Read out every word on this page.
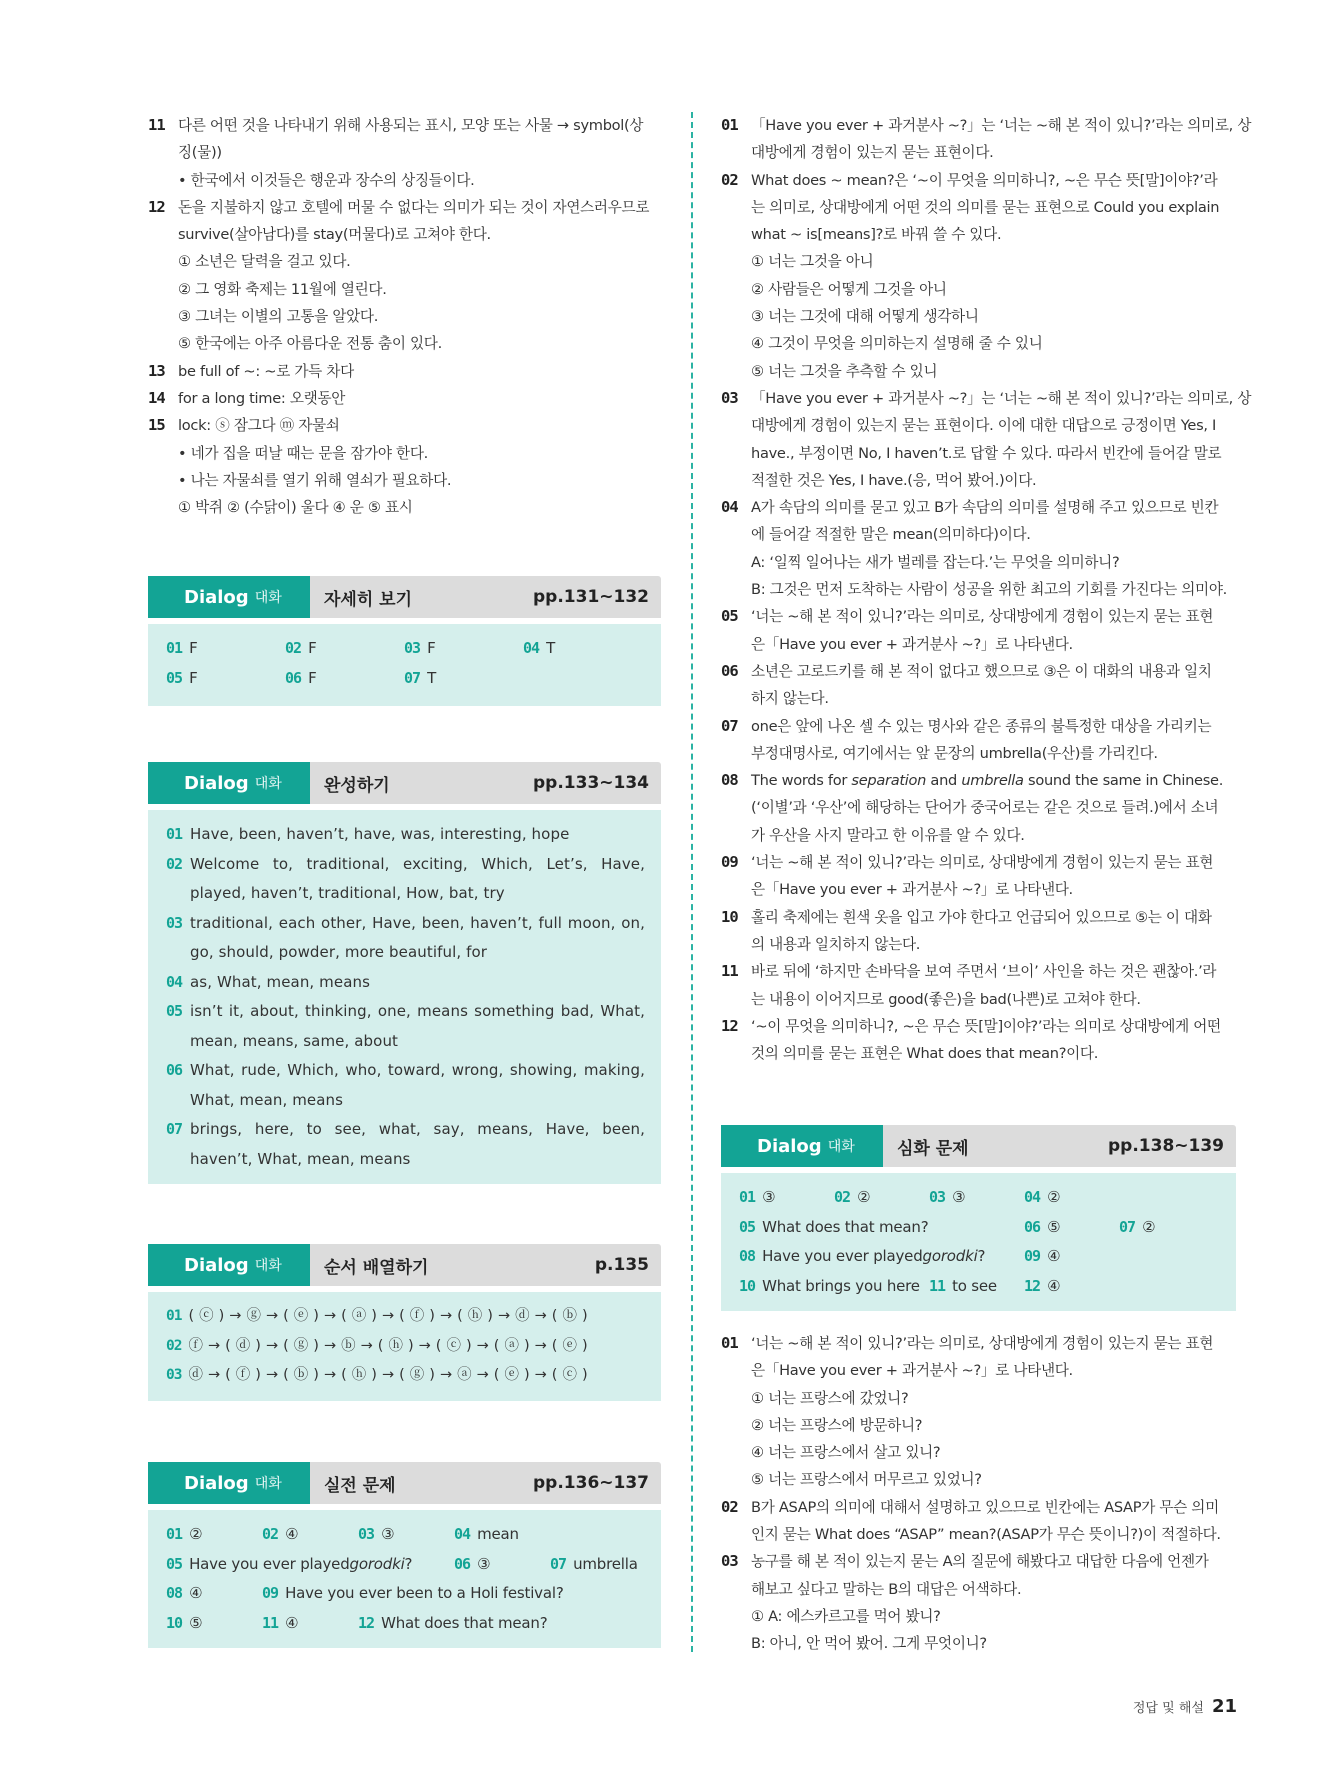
11 다른 어떤 것을 나타내기 위해 사용되는 표시, 모양 또는 사물 → symbol(상
징(물))
• 한국에서 이것들은 행운과 장수의 상징들이다.
12 돈을 지불하지 않고 호텔에 머물 수 없다는 의미가 되는 것이 자연스러우므로
survive(살아남다)를 stay(머물다)로 고쳐야 한다.
① 소년은 달력을 걸고 있다.
② 그 영화 축제는 11월에 열린다.
③ 그녀는 이별의 고통을 알았다.
⑤ 한국에는 아주 아름다운 전통 춤이 있다.
13 be full of ~: ~로 가득 차다
14 for a long time: 오랫동안
15 lock: ⓢ 잠그다 ⓜ 자물쇠
• 네가 집을 떠날 때는 문을 잠가야 한다.
• 나는 자물쇠를 열기 위해 열쇠가 필요하다.
① 박쥐 ② (수닭이) 울다 ④ 운 ⑤ 표시
Dialog 대화	자세히 보기	pp.131~132
01 F	02 F	03 F	04 T
05 F	06 F	07 T
Dialog 대화	완성하기	pp.133~134
01 Have, been, haven’t, have, was, interesting, hope
02 Welcome to, traditional, exciting, Which, Let’s, Have, played, haven’t, traditional, How, bat, try
03 traditional, each other, Have, been, haven’t, full moon, on, go, should, powder, more beautiful, for
04 as, What, mean, means
05 isn’t it, about, thinking, one, means something bad, What, mean, means, same, about
06 What, rude, Which, who, toward, wrong, showing, making, What, mean, means
07 brings, here, to see, what, say, means, Have, been, haven’t, What, mean, means
Dialog 대화	순서 배열하기	p.135
01 ( ⓒ ) → ⓖ → ( ⓔ ) → ( ⓐ ) → ( ⓕ ) → ( ⓗ ) → ⓓ → ( ⓑ )
02 ⓕ → ( ⓓ ) → ( ⓖ ) → ⓑ → ( ⓗ ) → ( ⓒ ) → ( ⓐ ) → ( ⓔ )
03 ⓓ → ( ⓕ ) → ( ⓑ ) → ( ⓗ ) → ( ⓖ ) → ⓐ → ( ⓔ ) → ( ⓒ )
Dialog 대화	실전 문제	pp.136~137
01 ②	02 ④	03 ③	04 mean
05 Have you ever played gorodki ?	06 ③	07 umbrella
08 ④	09 Have you ever been to a Holi festival?
10 ⑤	11 ④	12 What does that mean?
01 「Have you ever + 과거분사 ~?」는 ‘너는 ~해 본 적이 있니?’라는 의미로, 상
대방에게 경험이 있는지 묻는 표현이다.
02 What does ~ mean?은 ‘~이 무엇을 의미하니?, ~은 무슨 뜻[말]이야?’라
는 의미로, 상대방에게 어떤 것의 의미를 묻는 표현으로 Could you explain
what ~ is[means]?로 바꿔 쓸 수 있다.
① 너는 그것을 아니
② 사람들은 어떻게 그것을 아니
③ 너는 그것에 대해 어떻게 생각하니
④ 그것이 무엇을 의미하는지 설명해 줄 수 있니
⑤ 너는 그것을 추측할 수 있니
03 「Have you ever + 과거분사 ~?」는 ‘너는 ~해 본 적이 있니?’라는 의미로, 상
대방에게 경험이 있는지 묻는 표현이다. 이에 대한 대답으로 긍정이면 Yes, I
have., 부정이면 No, I haven’t.로 답할 수 있다. 따라서 빈칸에 들어갈 말로
적절한 것은 Yes, I have.(응, 먹어 봤어.)이다.
04 A가 속담의 의미를 묻고 있고 B가 속담의 의미를 설명해 주고 있으므로 빈칸
에 들어갈 적절한 말은 mean(의미하다)이다.
A: ‘일찍 일어나는 새가 벌레를 잡는다.’는 무엇을 의미하니?
B: 그것은 먼저 도착하는 사람이 성공을 위한 최고의 기회를 가진다는 의미야.
05 ‘너는 ~해 본 적이 있니?’라는 의미로, 상대방에게 경험이 있는지 묻는 표현
은「Have you ever + 과거분사 ~?」로 나타낸다.
06 소년은 고로드키를 해 본 적이 없다고 했으므로 ③은 이 대화의 내용과 일치
하지 않는다.
07 one은 앞에 나온 셀 수 있는 명사와 같은 종류의 불특정한 대상을 가리키는
부정대명사로, 여기에서는 앞 문장의 umbrella(우산)를 가리킨다.
08 The words for separation and umbrella sound the same in Chinese.
(‘이별’과 ‘우산’에 해당하는 단어가 중국어로는 같은 것으로 들려.)에서 소녀
가 우산을 사지 말라고 한 이유를 알 수 있다.
09 ‘너는 ~해 본 적이 있니?’라는 의미로, 상대방에게 경험이 있는지 묻는 표현
은「Have you ever + 과거분사 ~?」로 나타낸다.
10 홀리 축제에는 흰색 옷을 입고 가야 한다고 언급되어 있으므로 ⑤는 이 대화
의 내용과 일치하지 않는다.
11 바로 뒤에 ‘하지만 손바닥을 보여 주면서 ‘브이’ 사인을 하는 것은 괜찮아.’라
는 내용이 이어지므로 good(좋은)을 bad(나쁜)로 고쳐야 한다.
12 ‘~이 무엇을 의미하니?, ~은 무슨 뜻[말]이야?’라는 의미로 상대방에게 어떤
것의 의미를 묻는 표현은 What does that mean?이다.
Dialog 대화	심화 문제	pp.138~139
01 ③	02 ②	03 ③	04 ②
05 What does that mean?	06 ⑤	07 ②
08 Have you ever played gorodki ?	09 ④
10 What brings you here 11 to see 12 ④
01 ‘너는 ~해 본 적이 있니?’라는 의미로, 상대방에게 경험이 있는지 묻는 표현
은「Have you ever + 과거분사 ~?」로 나타낸다.
① 너는 프랑스에 갔었니?
② 너는 프랑스에 방문하니?
④ 너는 프랑스에서 살고 있니?
⑤ 너는 프랑스에서 머무르고 있었니?
02 B가 ASAP의 의미에 대해서 설명하고 있으므로 빈칸에는 ASAP가 무슨 의미
인지 묻는 What does “ASAP” mean?(ASAP가 무슨 뜻이니?)이 적절하다.
03 농구를 해 본 적이 있는지 묻는 A의 질문에 해봤다고 대답한 다음에 언젠가
해보고 싶다고 말하는 B의 대답은 어색하다.
① A: 에스카르고를 먹어 봤니?
B: 아니, 안 먹어 봤어. 그게 무엇이니?
정답 및 해설 21
